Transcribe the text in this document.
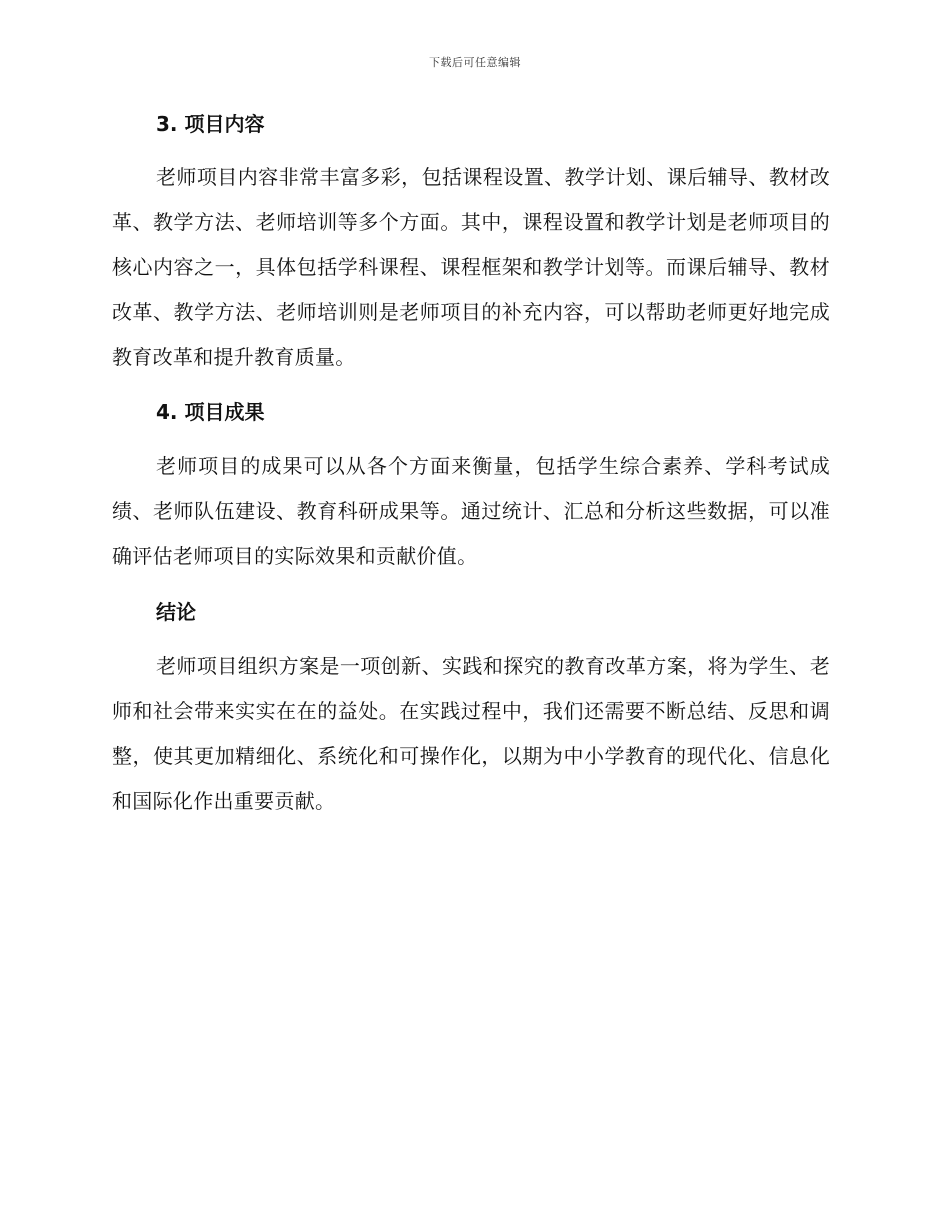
下载后可任意编辑
3. 项目内容

老师项目内容非常丰富多彩，包括课程设置、教学计划、课后辅导、教材改革、教学方法、老师培训等多个方面。其中，课程设置和教学计划是老师项目的核心内容之一，具体包括学科课程、课程框架和教学计划等。而课后辅导、教材改革、教学方法、老师培训则是老师项目的补充内容，可以帮助老师更好地完成教育改革和提升教育质量。

4. 项目成果

老师项目的成果可以从各个方面来衡量，包括学生综合素养、学科考试成绩、老师队伍建设、教育科研成果等。通过统计、汇总和分析这些数据，可以准确评估老师项目的实际效果和贡献价值。

结论

老师项目组织方案是一项创新、实践和探究的教育改革方案，将为学生、老师和社会带来实实在在的益处。在实践过程中，我们还需要不断总结、反思和调整，使其更加精细化、系统化和可操作化，以期为中小学教育的现代化、信息化和国际化作出重要贡献。
